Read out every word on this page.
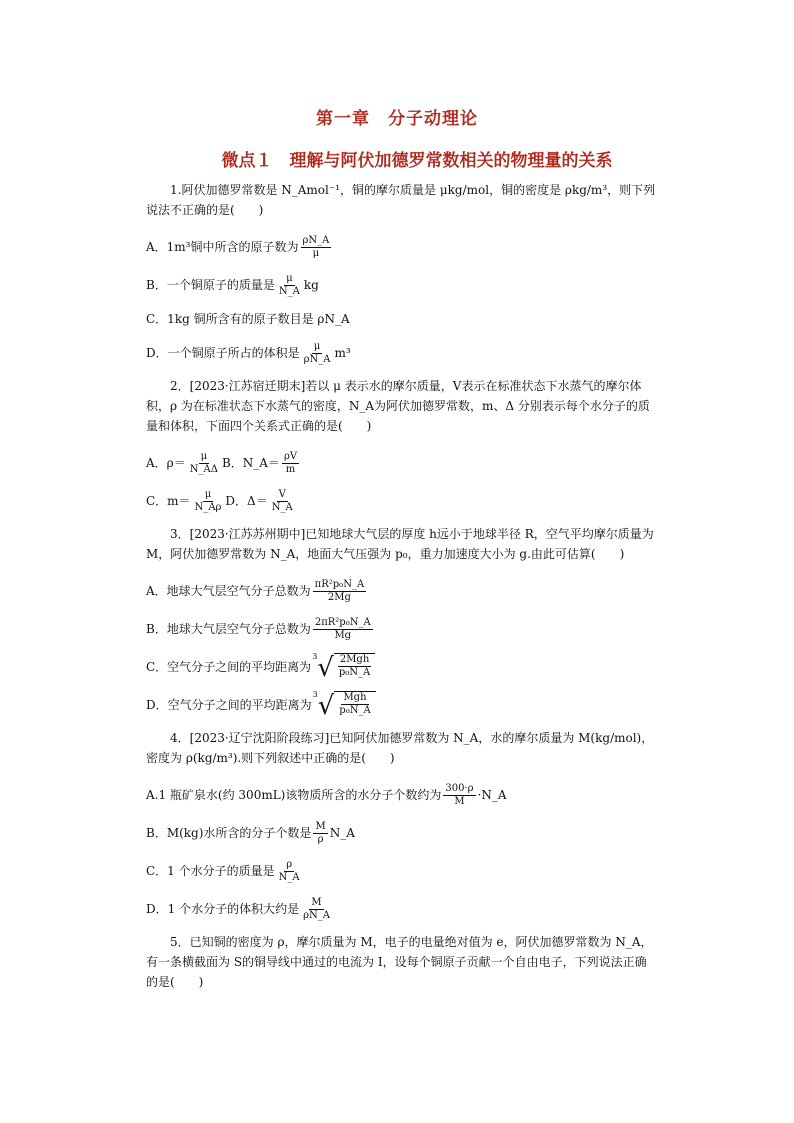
第一章　分子动理论
微点１　理解与阿伏加德罗常数相关的物理量的关系

1.阿伏加德罗常数是 N_Amol⁻¹，铜的摩尔质量是 μkg/mol，铜的密度是 ρkg/m³，则下列说法不正确的是(　　)

A．1m³铜中所含的原子数为 $\frac{\rho N\_A}{\mu}$
B．一个铜原子的质量是 $\frac{\mu}{N\_A}$ kg
C．1kg 铜所含有的原子数目是 ρN_A
D．一个铜原子所占的体积是 $\frac{\mu}{\rho N\_A} m^3$

2．[2023·江苏宿迁期末]若以 μ 表示水的摩尔质量，V表示在标准状态下水蒸气的摩尔体积，ρ 为在标准状态下水蒸气的密度，N_A为阿伏加德罗常数，m、Δ 分别表示每个水分子的质量和体积，下面四个关系式正确的是(　　)

A．$\rho= \frac{\mu}{N\_A\Delta}$ B．N_A＝ $\frac{\rho V}{m}$
C．$m= \frac{\mu}{N\_A\rho}$ D．$\Delta= \frac{V}{N\_A}$

3．[2023·江苏苏州期中]已知地球大气层的厚度 h远小于地球半径 R，空气平均摩尔质量为 M，阿伏加德罗常数为 N_A，地面大气压强为 p₀，重力加速度大小为 g.由此可估算(　　)

A．地球大气层空气分子总数为 $\frac{\text{πR²p₀N\_A}}{2Mg}$
B．地球大气层空气分子总数为 $\frac{\text{2πR²p₀N\_A}}{Mg}$
C．空气分子之间的平均距离为
3 √ $\frac{\text{2Mgh}}{\text{p₀N\_A}}$
D．空气分子之间的平均距离为
3 √ $\frac{\text{Mgh}}{\text{p₀N\_A}}$

4．[2023·辽宁沈阳阶段练习]已知阿伏加德罗常数为 N_A，水的摩尔质量为 M(kg/mol)，密度为 ρ(kg/m³).则下列叙述中正确的是(　　)

A.1 瓶矿泉水(约 300mL)该物质所含的水分子个数约为 $\frac{300\cdot\rho}{M}$ ·N_A
B．M(kg)水所含的分子个数是 $\frac{M}{\rho}$ N_A
C．1 个水分子的质量是 $\frac{\rho}{N\_A}$
D．1 个水分子的体积大约是 $\frac{M}{\rho N\_A}$

5．已知铜的密度为 ρ，摩尔质量为 M，电子的电量绝对值为 e，阿伏加德罗常数为 N_A，有一条横截面为 S的铜导线中通过的电流为 I，设每个铜原子贡献一个自由电子，下列说法正确的是(　　)
